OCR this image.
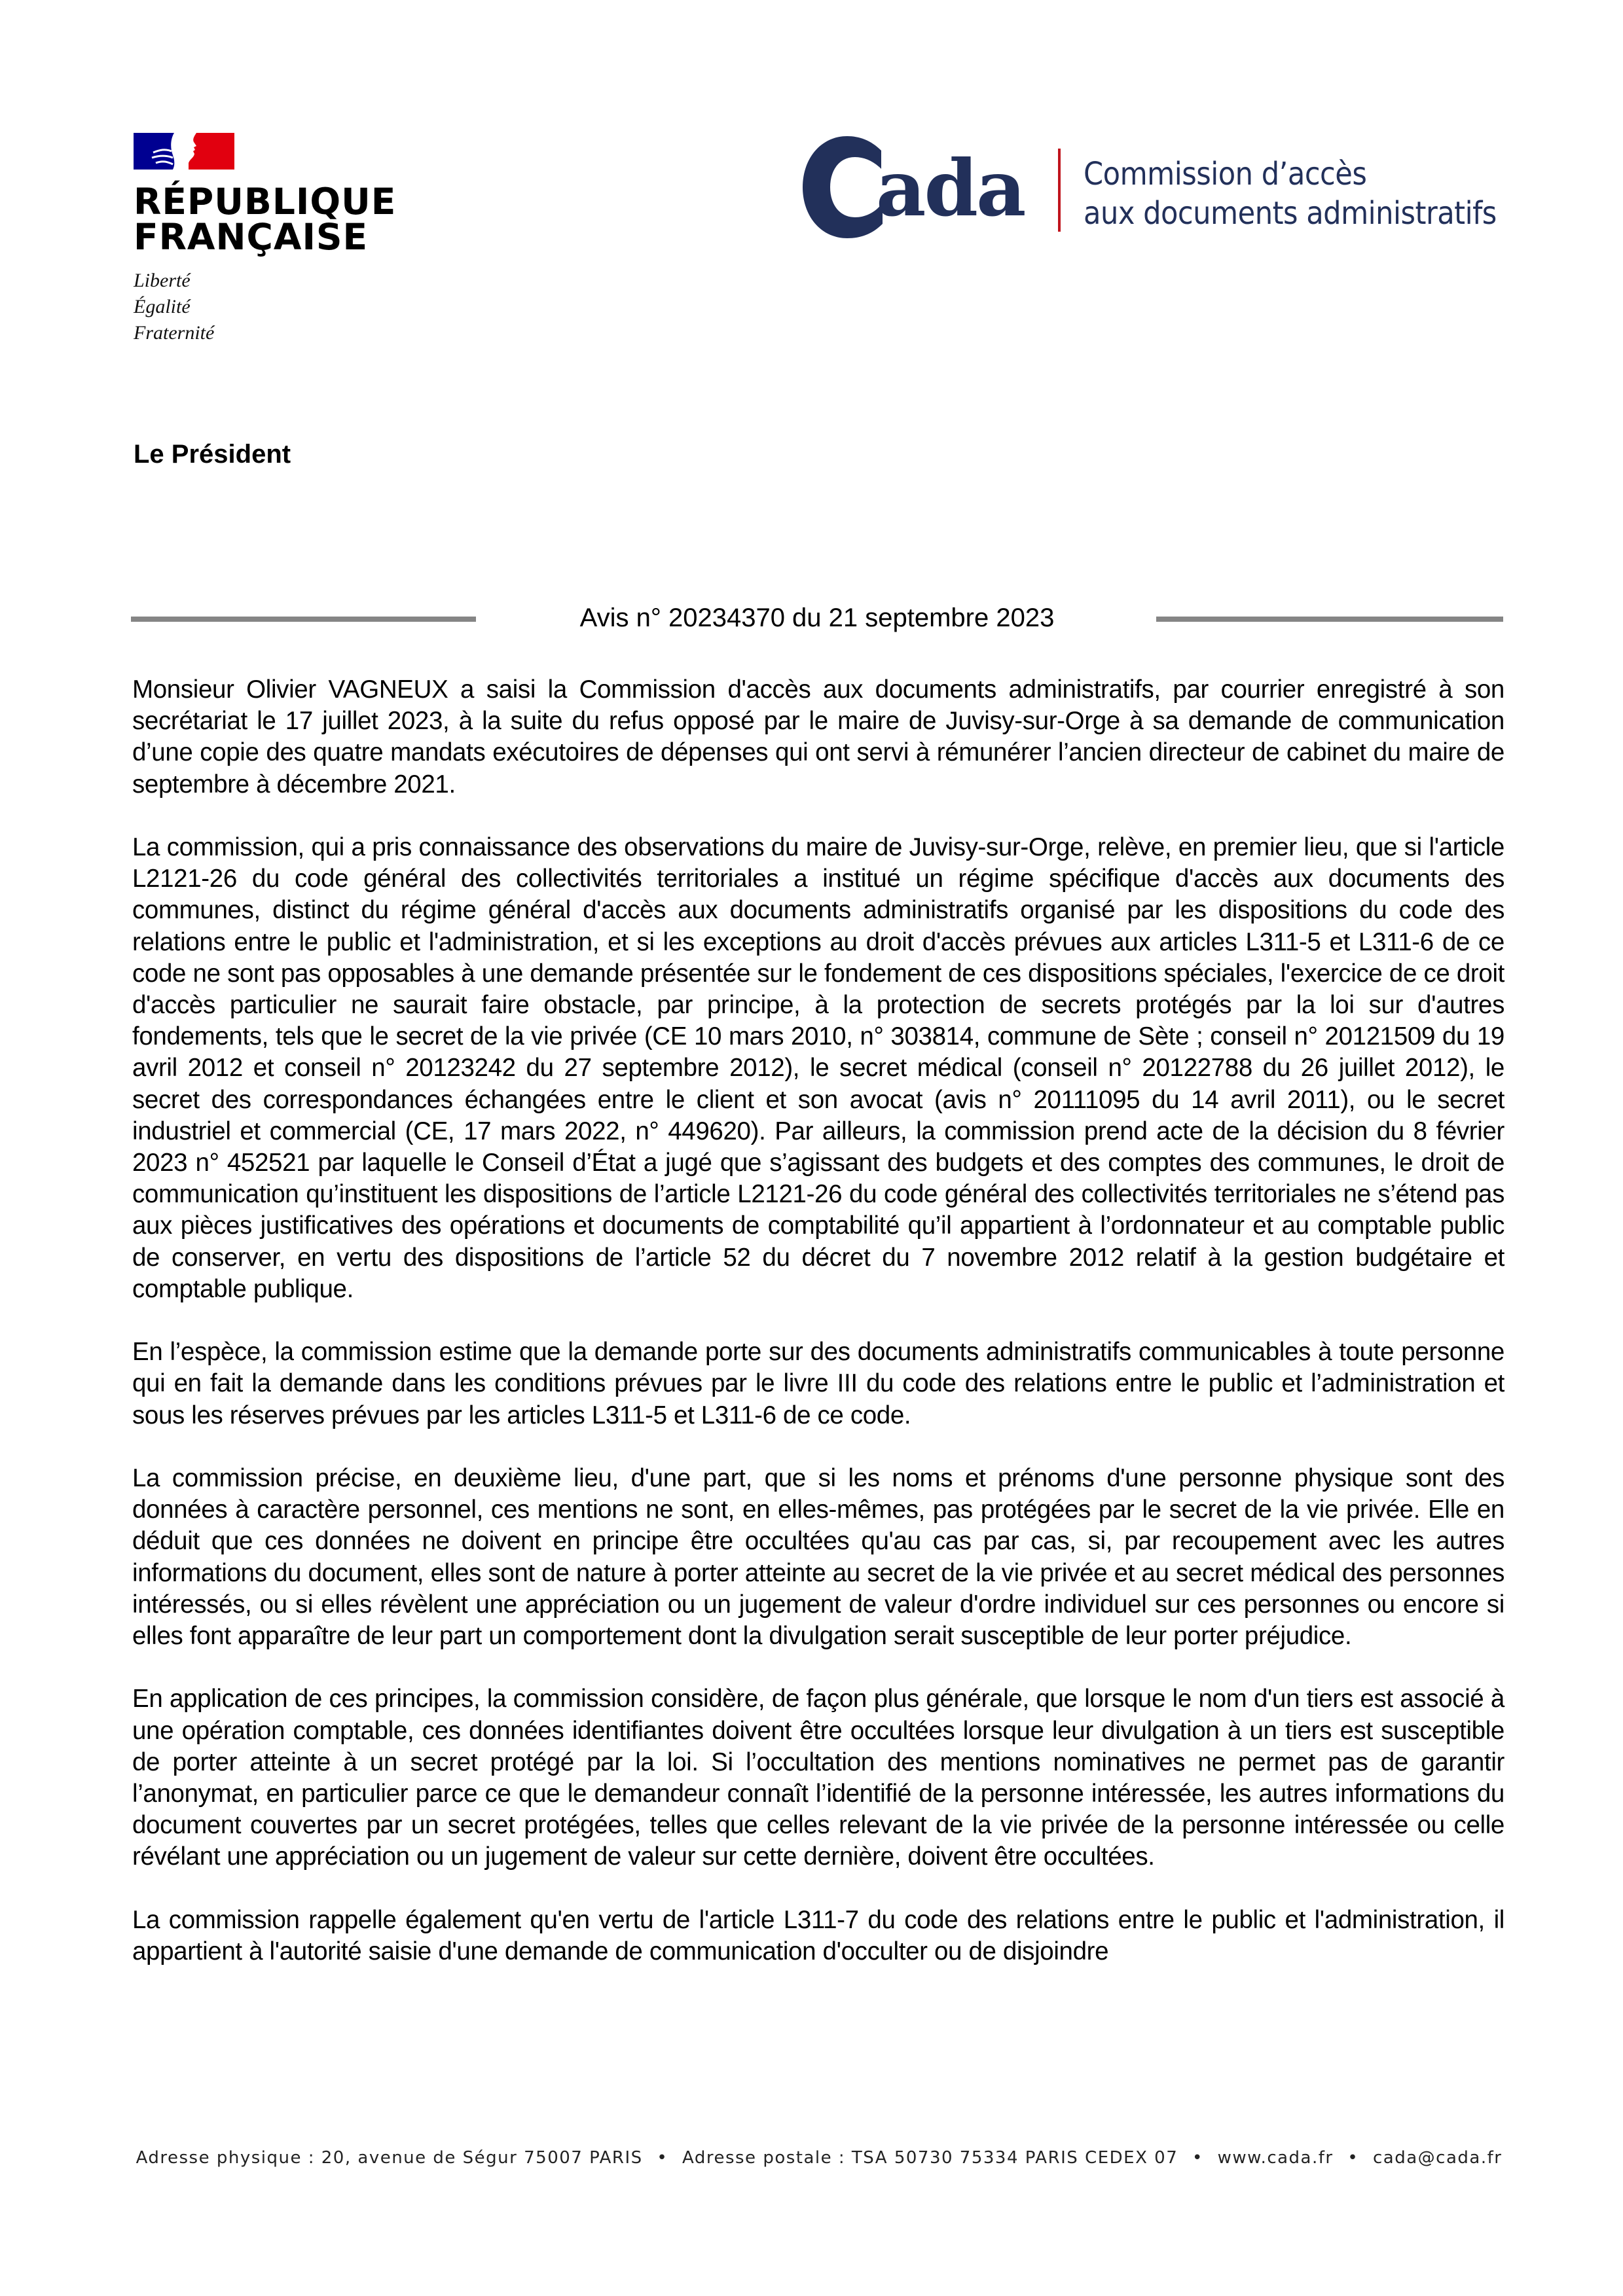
RÉPUBLIQUE
FRANÇAISE
Liberté
Égalité
Fraternité
ada Commission d’accès
aux documents administratifs
Le Président
Avis n° 20234370 du 21 septembre 2023

Monsieur Olivier VAGNEUX a saisi la Commission d'accès aux documents administratifs, par courrier enregistré à son secrétariat le 17 juillet 2023, à la suite du refus opposé par le maire de Juvisy-sur-Orge à sa demande de communication d’une copie des quatre mandats exécutoires de dépenses qui ont servi à rémunérer l’ancien directeur de cabinet du maire de septembre à décembre 2021.

La commission, qui a pris connaissance des observations du maire de Juvisy-sur-Orge, relève, en premier lieu, que si l'article L2121-26 du code général des collectivités territoriales a institué un régime spécifique d'accès aux documents des communes, distinct du régime général d'accès aux documents administratifs organisé par les dispositions du code des relations entre le public et l'administration, et si les exceptions au droit d'accès prévues aux articles L311-5 et L311-6 de ce code ne sont pas opposables à une demande présentée sur le fondement de ces dispositions spéciales, l'exercice de ce droit d'accès particulier ne saurait faire obstacle, par principe, à la protection de secrets protégés par la loi sur d'autres fondements, tels que le secret de la vie privée (CE 10 mars 2010, n° 303814, commune de Sète ; conseil n° 20121509 du 19 avril 2012 et conseil n° 20123242 du 27 septembre 2012), le secret médical (conseil n° 20122788 du 26 juillet 2012), le secret des correspondances échangées entre le client et son avocat (avis n° 20111095 du 14 avril 2011), ou le secret industriel et commercial (CE, 17 mars 2022, n° 449620). Par ailleurs, la commission prend acte de la décision du 8 février 2023 n° 452521 par laquelle le Conseil d’État a jugé que s’agissant des budgets et des comptes des communes, le droit de communication qu’instituent les dispositions de l’article L2121-26 du code général des collectivités territoriales ne s’étend pas aux pièces justificatives des opérations et documents de comptabilité qu’il appartient à l’ordonnateur et au comptable public de conserver, en vertu des dispositions de l’article 52 du décret du 7 novembre 2012 relatif à la gestion budgétaire et comptable publique.

En l’espèce, la commission estime que la demande porte sur des documents administratifs communicables à toute personne qui en fait la demande dans les conditions prévues par le livre III du code des relations entre le public et l’administration et sous les réserves prévues par les articles L311-5 et L311-6 de ce code.

La commission précise, en deuxième lieu, d'une part, que si les noms et prénoms d'une personne physique sont des données à caractère personnel, ces mentions ne sont, en elles-mêmes, pas protégées par le secret de la vie privée. Elle en déduit que ces données ne doivent en principe être occultées qu'au cas par cas, si, par recoupement avec les autres informations du document, elles sont de nature à porter atteinte au secret de la vie privée et au secret médical des personnes intéressés, ou si elles révèlent une appréciation ou un jugement de valeur d'ordre individuel sur ces personnes ou encore si elles font apparaître de leur part un comportement dont la divulgation serait susceptible de leur porter préjudice.

En application de ces principes, la commission considère, de façon plus générale, que lorsque le nom d'un tiers est associé à une opération comptable, ces données identifiantes doivent être occultées lorsque leur divulgation à un tiers est susceptible de porter atteinte à un secret protégé par la loi. Si l’occultation des mentions nominatives ne permet pas de garantir l’anonymat, en particulier parce ce que le demandeur connaît l’identifié de la personne intéressée, les autres informations du document couvertes par un secret protégées, telles que celles relevant de la vie privée de la personne intéressée ou celle révélant une appréciation ou un jugement de valeur sur cette dernière, doivent être occultées.

La commission rappelle également qu'en vertu de l'article L311-7 du code des relations entre le public et l'administration, il appartient à l'autorité saisie d'une demande de communication d'occulter ou de disjoindre

Adresse physique : 20, avenue de Ségur 75007 PARIS • Adresse postale : TSA 50730 75334 PARIS CEDEX 07 • www.cada.fr • cada@cada.fr
